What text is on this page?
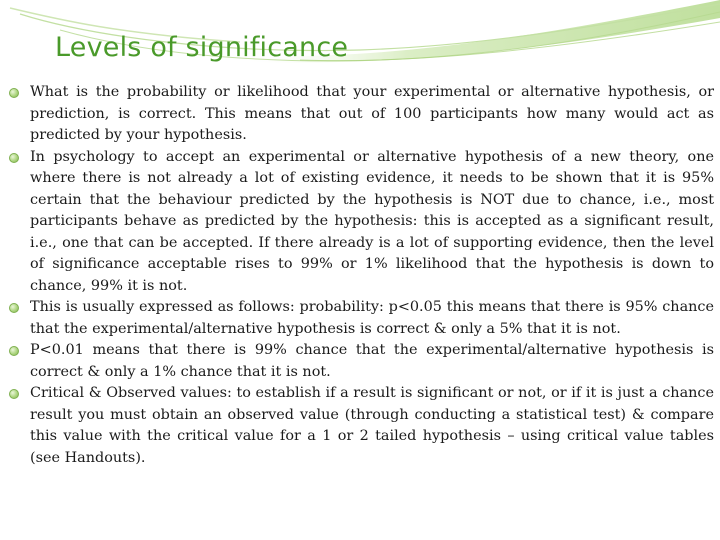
Levels of significance
What is the probability or likelihood that your experimental or alternative hypothesis, or prediction, is correct. This means that out of 100 participants how many would act as predicted by your hypothesis.
In psychology to accept an experimental or alternative hypothesis of a new theory, one where there is not already a lot of existing evidence, it needs to be shown that it is 95% certain that the behaviour predicted by the hypothesis is NOT due to chance, i.e., most participants behave as predicted by the hypothesis: this is accepted as a significant result, i.e., one that can be accepted. If there already is a lot of supporting evidence, then the level of significance acceptable rises to 99% or 1% likelihood that the hypothesis is down to chance, 99% it is not.
This is usually expressed as follows: probability: p<0.05 this means that there is 95% chance that the experimental/alternative hypothesis is correct & only a 5% that it is not.
P<0.01 means that there is 99% chance that the experimental/alternative hypothesis is correct & only a 1% chance that it is not.
Critical & Observed values: to establish if a result is significant or not, or if it is just a chance result you must obtain an observed value (through conducting a statistical test) & compare this value with the critical value for a 1 or 2 tailed hypothesis – using critical value tables (see Handouts).
